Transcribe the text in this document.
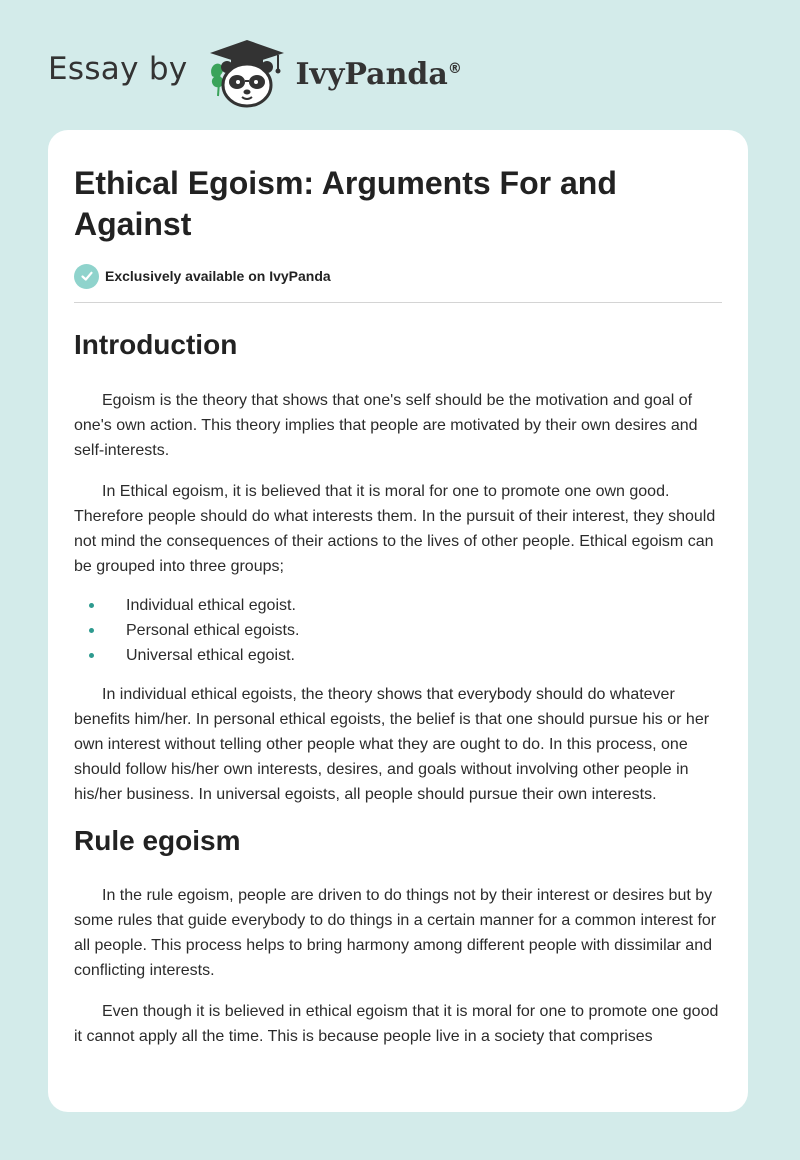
Essay by	IvyPanda®
Ethical Egoism: Arguments For and Against
Exclusively available on IvyPanda
Introduction

Egoism is the theory that shows that one's self should be the motivation and goal of one's own action. This theory implies that people are motivated by their own desires and self-interests.

In Ethical egoism, it is believed that it is moral for one to promote one own good. Therefore people should do what interests them. In the pursuit of their interest, they should not mind the consequences of their actions to the lives of other people. Ethical egoism can be grouped into three groups;

Individual ethical egoist.
Personal ethical egoists.
Universal ethical egoist.

In individual ethical egoists, the theory shows that everybody should do whatever benefits him/her. In personal ethical egoists, the belief is that one should pursue his or her own interest without telling other people what they are ought to do. In this process, one should follow his/her own interests, desires, and goals without involving other people in his/her business. In universal egoists, all people should pursue their own interests.

Rule egoism

In the rule egoism, people are driven to do things not by their interest or desires but by some rules that guide everybody to do things in a certain manner for a common interest for all people. This process helps to bring harmony among different people with dissimilar and conflicting interests.

Even though it is believed in ethical egoism that it is moral for one to promote one good it cannot apply all the time. This is because people live in a society that comprises
